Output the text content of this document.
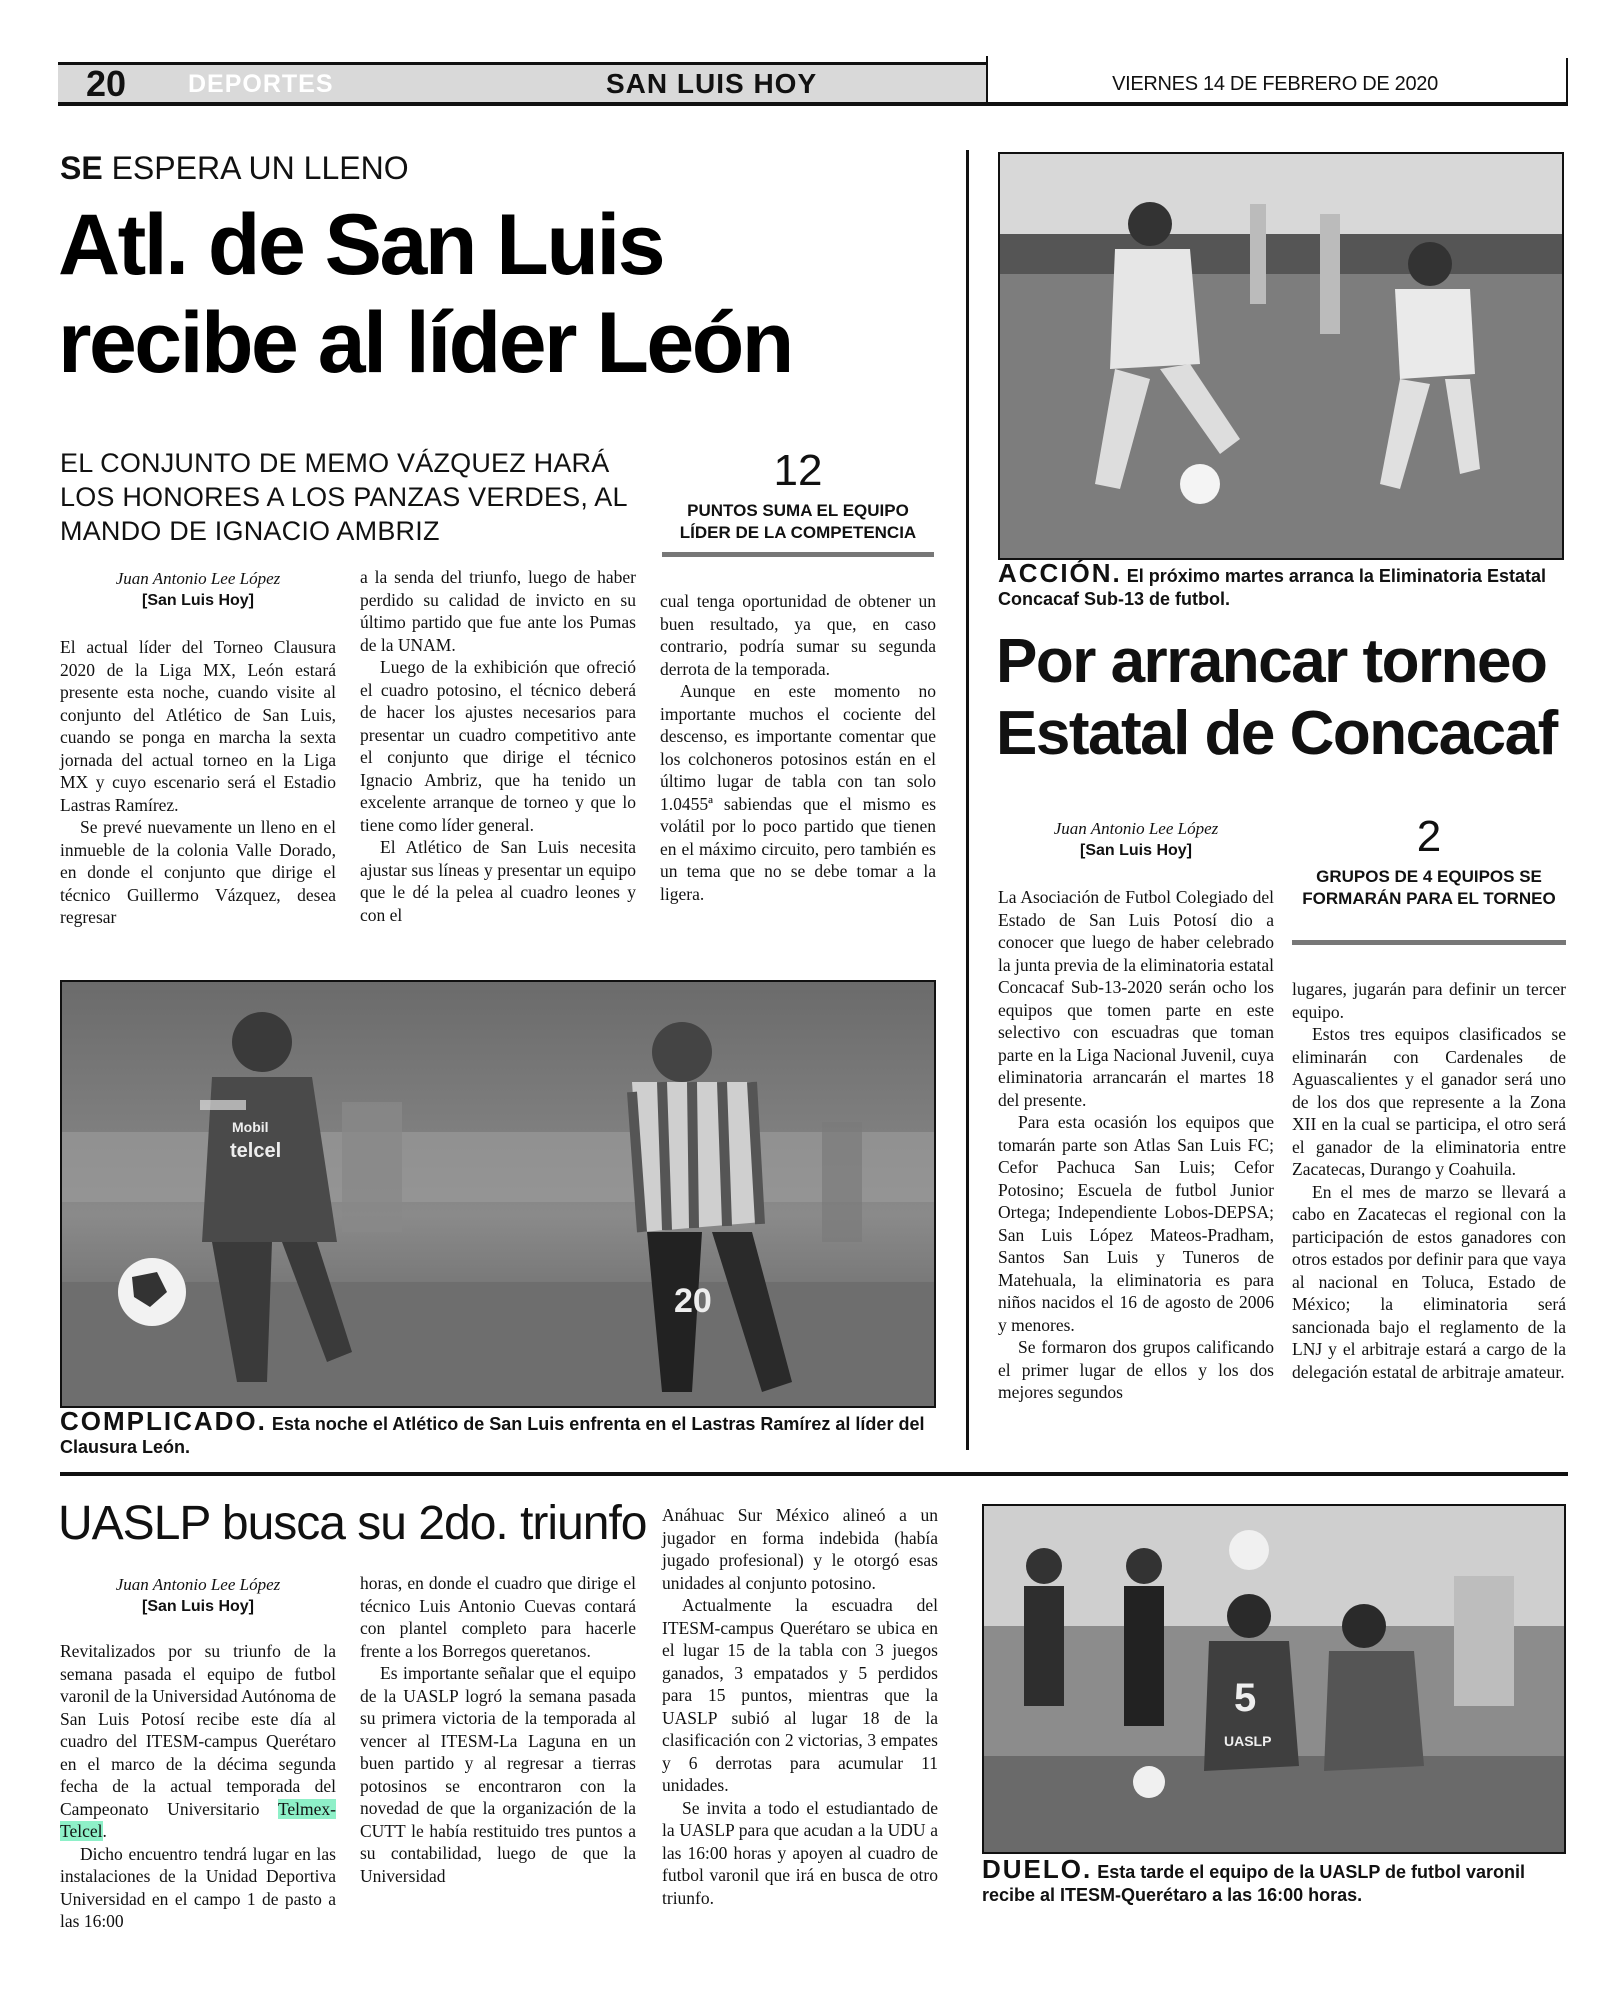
20 DEPORTES	SAN LUIS HOY	VIERNES 14 DE FEBRERO DE 2020
SE ESPERA UN LLENO
Atl. de San Luis
recibe al líder León
EL CONJUNTO DE MEMO VÁZQUEZ HARÁ LOS HONORES A LOS PANZAS VERDES, AL MANDO DE IGNACIO AMBRIZ
12
PUNTOS SUMA EL EQUIPO LÍDER DE LA COMPETENCIA
Juan Antonio Lee López
[San Luis Hoy]

El actual líder del Torneo Clausura 2020 de la Liga MX, León estará presente esta noche, cuando visite al conjunto del Atlético de San Luis, cuando se ponga en marcha la sexta jornada del actual torneo en la Liga MX y cuyo escenario será el Estadio Lastras Ramírez.

Se prevé nuevamente un lleno en el inmueble de la colonia Valle Dorado, en donde el conjunto que dirige el técnico Guillermo Vázquez, desea regresar

a la senda del triunfo, luego de haber perdido su calidad de invicto en su último partido que fue ante los Pumas de la UNAM.

Luego de la exhibición que ofreció el cuadro potosino, el técnico deberá de hacer los ajustes necesarios para presentar un cuadro competitivo ante el conjunto que dirige el técnico Ignacio Ambriz, que ha tenido un excelente arranque de torneo y que lo tiene como líder general.

El Atlético de San Luis necesita ajustar sus líneas y presentar un equipo que le dé la pelea al cuadro leones y con el

cual tenga oportunidad de obtener un buen resultado, ya que, en caso contrario, podría sumar su segunda derrota de la temporada.

Aunque en este momento no importante muchos el cociente del descenso, es importante comentar que los colchoneros potosinos están en el último lugar de tabla con tan solo 1.0455ª sabiendas que el mismo es volátil por lo poco partido que tienen en el máximo circuito, pero también es un tema que no se debe tomar a la ligera.

Mobil
telcel
20
COMPLICADO. Esta noche el Atlético de San Luis enfrenta en el Lastras Ramírez al líder del Clausura León.
ACCIÓN. El próximo martes arranca la Eliminatoria Estatal Concacaf Sub-13 de futbol.
Por arrancar torneo Estatal de Concacaf
Juan Antonio Lee López
[San Luis Hoy]	2
GRUPOS DE 4 EQUIPOS SE FORMARÁN PARA EL TORNEO

La Asociación de Futbol Colegiado del Estado de San Luis Potosí dio a conocer que luego de haber celebrado la junta previa de la eliminatoria estatal Concacaf Sub-13-2020 serán ocho los equipos que tomen parte en este selectivo con escuadras que toman parte en la Liga Nacional Juvenil, cuya eliminatoria arrancarán el martes 18 del presente.

Para esta ocasión los equipos que tomarán parte son Atlas San Luis FC; Cefor Pachuca San Luis; Cefor Potosino; Escuela de futbol Junior Ortega; Independiente Lobos-DEPSA; San Luis López Mateos-Pradham, Santos San Luis y Tuneros de Matehuala, la eliminatoria es para niños nacidos el 16 de agosto de 2006 y menores.

Se formaron dos grupos calificando el primer lugar de ellos y los dos mejores segundos

lugares, jugarán para definir un tercer equipo.

Estos tres equipos clasificados se eliminarán con Cardenales de Aguascalientes y el ganador será uno de los dos que represente a la Zona XII en la cual se participa, el otro será el ganador de la eliminatoria entre Zacatecas, Durango y Coahuila.

En el mes de marzo se llevará a cabo en Zacatecas el regional con la participación de estos ganadores con otros estados por definir para que vaya al nacional en Toluca, Estado de México; la eliminatoria será sancionada bajo el reglamento de la LNJ y el arbitraje estará a cargo de la delegación estatal de arbitraje amateur.

UASLP busca su 2do. triunfo
Juan Antonio Lee López
[San Luis Hoy]

Revitalizados por su triunfo de la semana pasada el equipo de futbol varonil de la Universidad Autónoma de San Luis Potosí recibe este día al cuadro del ITESM-campus Querétaro en el marco de la décima segunda fecha de la actual temporada del Campeonato Universitario Telmex-Telcel.

Dicho encuentro tendrá lugar en las instalaciones de la Unidad Deportiva Universidad en el campo 1 de pasto a las 16:00

horas, en donde el cuadro que dirige el técnico Luis Antonio Cuevas contará con plantel completo para hacerle frente a los Borregos queretanos.

Es importante señalar que el equipo de la UASLP logró la semana pasada su primera victoria de la temporada al vencer al ITESM-La Laguna en un buen partido y al regresar a tierras potosinos se encontraron con la novedad de que la organización de la CUTT le había restituido tres puntos a su contabilidad, luego de que la Universidad

Anáhuac Sur México alineó a un jugador en forma indebida (había jugado profesional) y le otorgó esas unidades al conjunto potosino.

Actualmente la escuadra del ITESM-campus Querétaro se ubica en el lugar 15 de la tabla con 3 juegos ganados, 3 empatados y 5 perdidos para 15 puntos, mientras que la UASLP subió al lugar 18 de la clasificación con 2 victorias, 3 empates y 6 derrotas para acumular 11 unidades.

Se invita a todo el estudiantado de la UASLP para que acudan a la UDU a las 16:00 horas y apoyen al cuadro de futbol varonil que irá en busca de otro triunfo.

5
UASLP
DUELO. Esta tarde el equipo de la UASLP de futbol varonil recibe al ITESM-Querétaro a las 16:00 horas.
